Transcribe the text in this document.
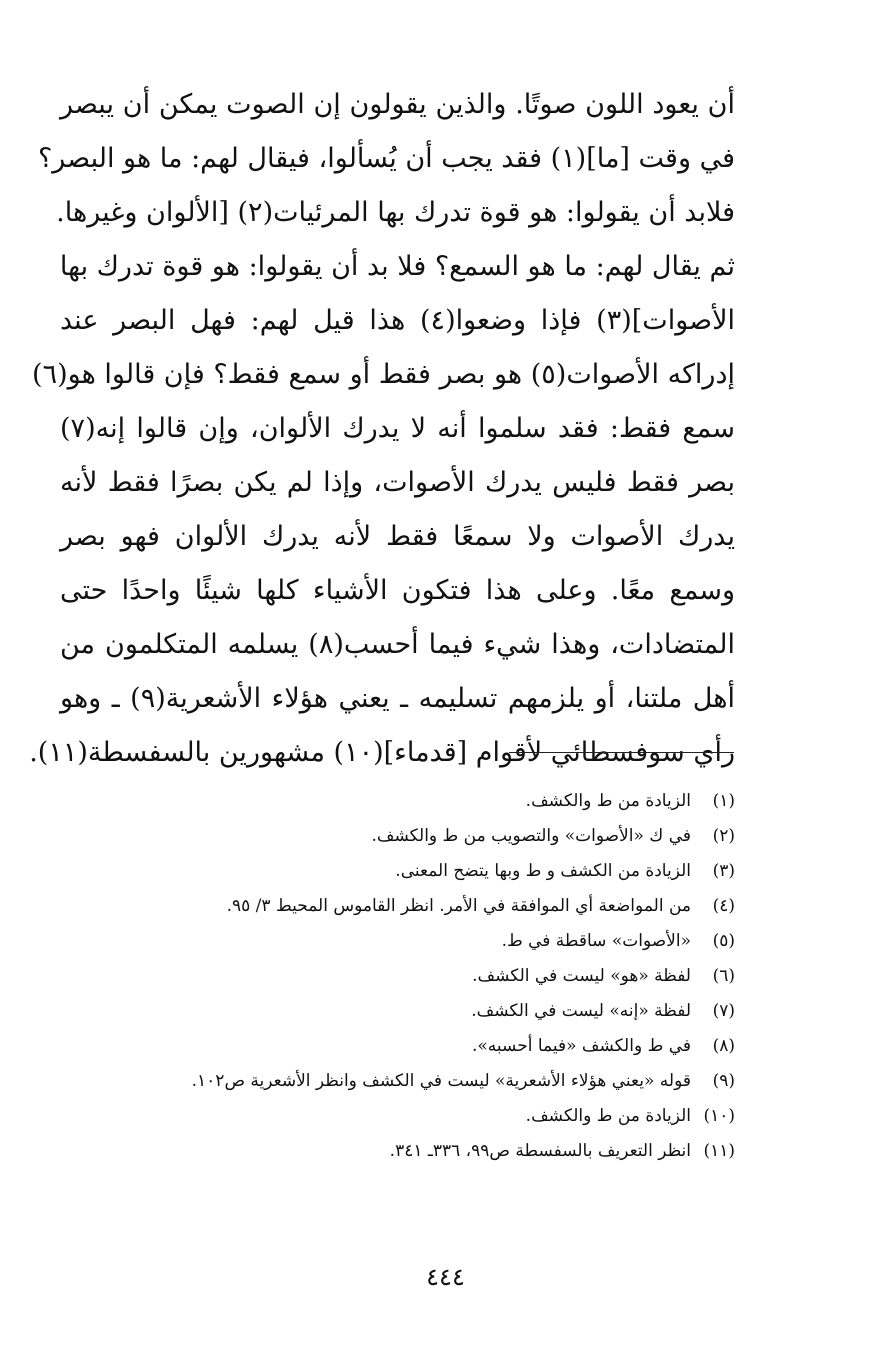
أن يعود اللون صوتًا. والذين يقولون إن الصوت يمكن أن يبصر
في وقت [ما](١) فقد يجب أن يُسألوا، فيقال لهم: ما هو البصر؟
فلابد أن يقولوا: هو قوة تدرك بها المرئيات(٢) [الألوان وغيرها.
ثم يقال لهم: ما هو السمع؟ فلا بد أن يقولوا: هو قوة تدرك بها
الأصوات](٣) فإذا وضعوا(٤) هذا قيل لهم: فهل البصر عند
إدراكه الأصوات(٥) هو بصر فقط أو سمع فقط؟ فإن قالوا هو(٦)
سمع فقط: فقد سلموا أنه لا يدرك الألوان، وإن قالوا إنه(٧)
بصر فقط فليس يدرك الأصوات، وإذا لم يكن بصرًا فقط لأنه
يدرك الأصوات ولا سمعًا فقط لأنه يدرك الألوان فهو بصر
وسمع معًا. وعلى هذا فتكون الأشياء كلها شيئًا واحدًا حتى
المتضادات، وهذا شيء فيما أحسب(٨) يسلمه المتكلمون من
أهل ملتنا، أو يلزمهم تسليمه ـ يعني هؤلاء الأشعرية(٩) ـ وهو
رأي سوفسطائي لأقوام [قدماء](١٠) مشهورين بالسفسطة(١١).
(١)
الزيادة من ط والكشف.
(٢)
في ك «الأصوات» والتصويب من ط والكشف.
(٣)
الزيادة من الكشف و ط وبها يتضح المعنى.
(٤)
من المواضعة أي الموافقة في الأمر. انظر القاموس المحيط ٣/ ٩٥.
(٥)
«الأصوات» ساقطة في ط.
(٦)
لفظة «هو» ليست في الكشف.
(٧)
لفظة «إنه» ليست في الكشف.
(٨)
في ط والكشف «فيما أحسبه».
(٩)
قوله «يعني هؤلاء الأشعرية» ليست في الكشف وانظر الأشعرية ص١٠٢.
(١٠)
الزيادة من ط والكشف.
(١١)
انظر التعريف بالسفسطة ص٩٩، ٣٣٦ـ ٣٤١.
٤٤٤
